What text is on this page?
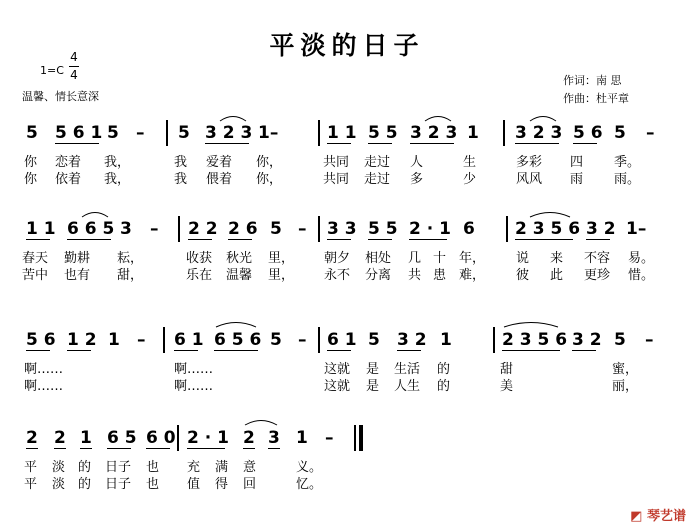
平淡的日子
1=C
4
4
温馨、情长意深
作词：南 思
作曲：杜平章
5 5 6 1 5 – 5 3 2 3 1–	1 1 5 5 3 2 3 1 3 2 3 5 6 5 –
你 恋着 我，	我 爱着 你，	共同 走过 人	生	多彩 四 季。
你 依着 我，	我 偎着 你，	共同 走过 多	少	风风 雨 雨。
1 1 6 6 5 3 – 2 2 2 6 5 – 3 3 5 5 2 · 1 6 2 3 5 6 3 2 1–
春天 勤耕 耘，	收获 秋光 里， 朝夕 相处 几 十 年， 说 来 不容 易。
苦中 也有 甜，	乐在 温馨 里， 永不 分离 共 患 难， 彼 此 更珍 惜。
5 6 1 2 1 – 6 1 6 5 6 5 – 6 1 5 3 2 1	2 3 5 6 3 2 5 –
啊……	啊……	这就 是 生活 的	甜	蜜，
啊……	啊……	这就 是 人生 的	美	丽，
2 2 1 6 5 6 0 2 · 1 2 3 1 –
平 淡 的 日子 也 充 满 意	义。
平 淡 的 日子 也 值 得 回	忆。
◩ 琴艺谱
